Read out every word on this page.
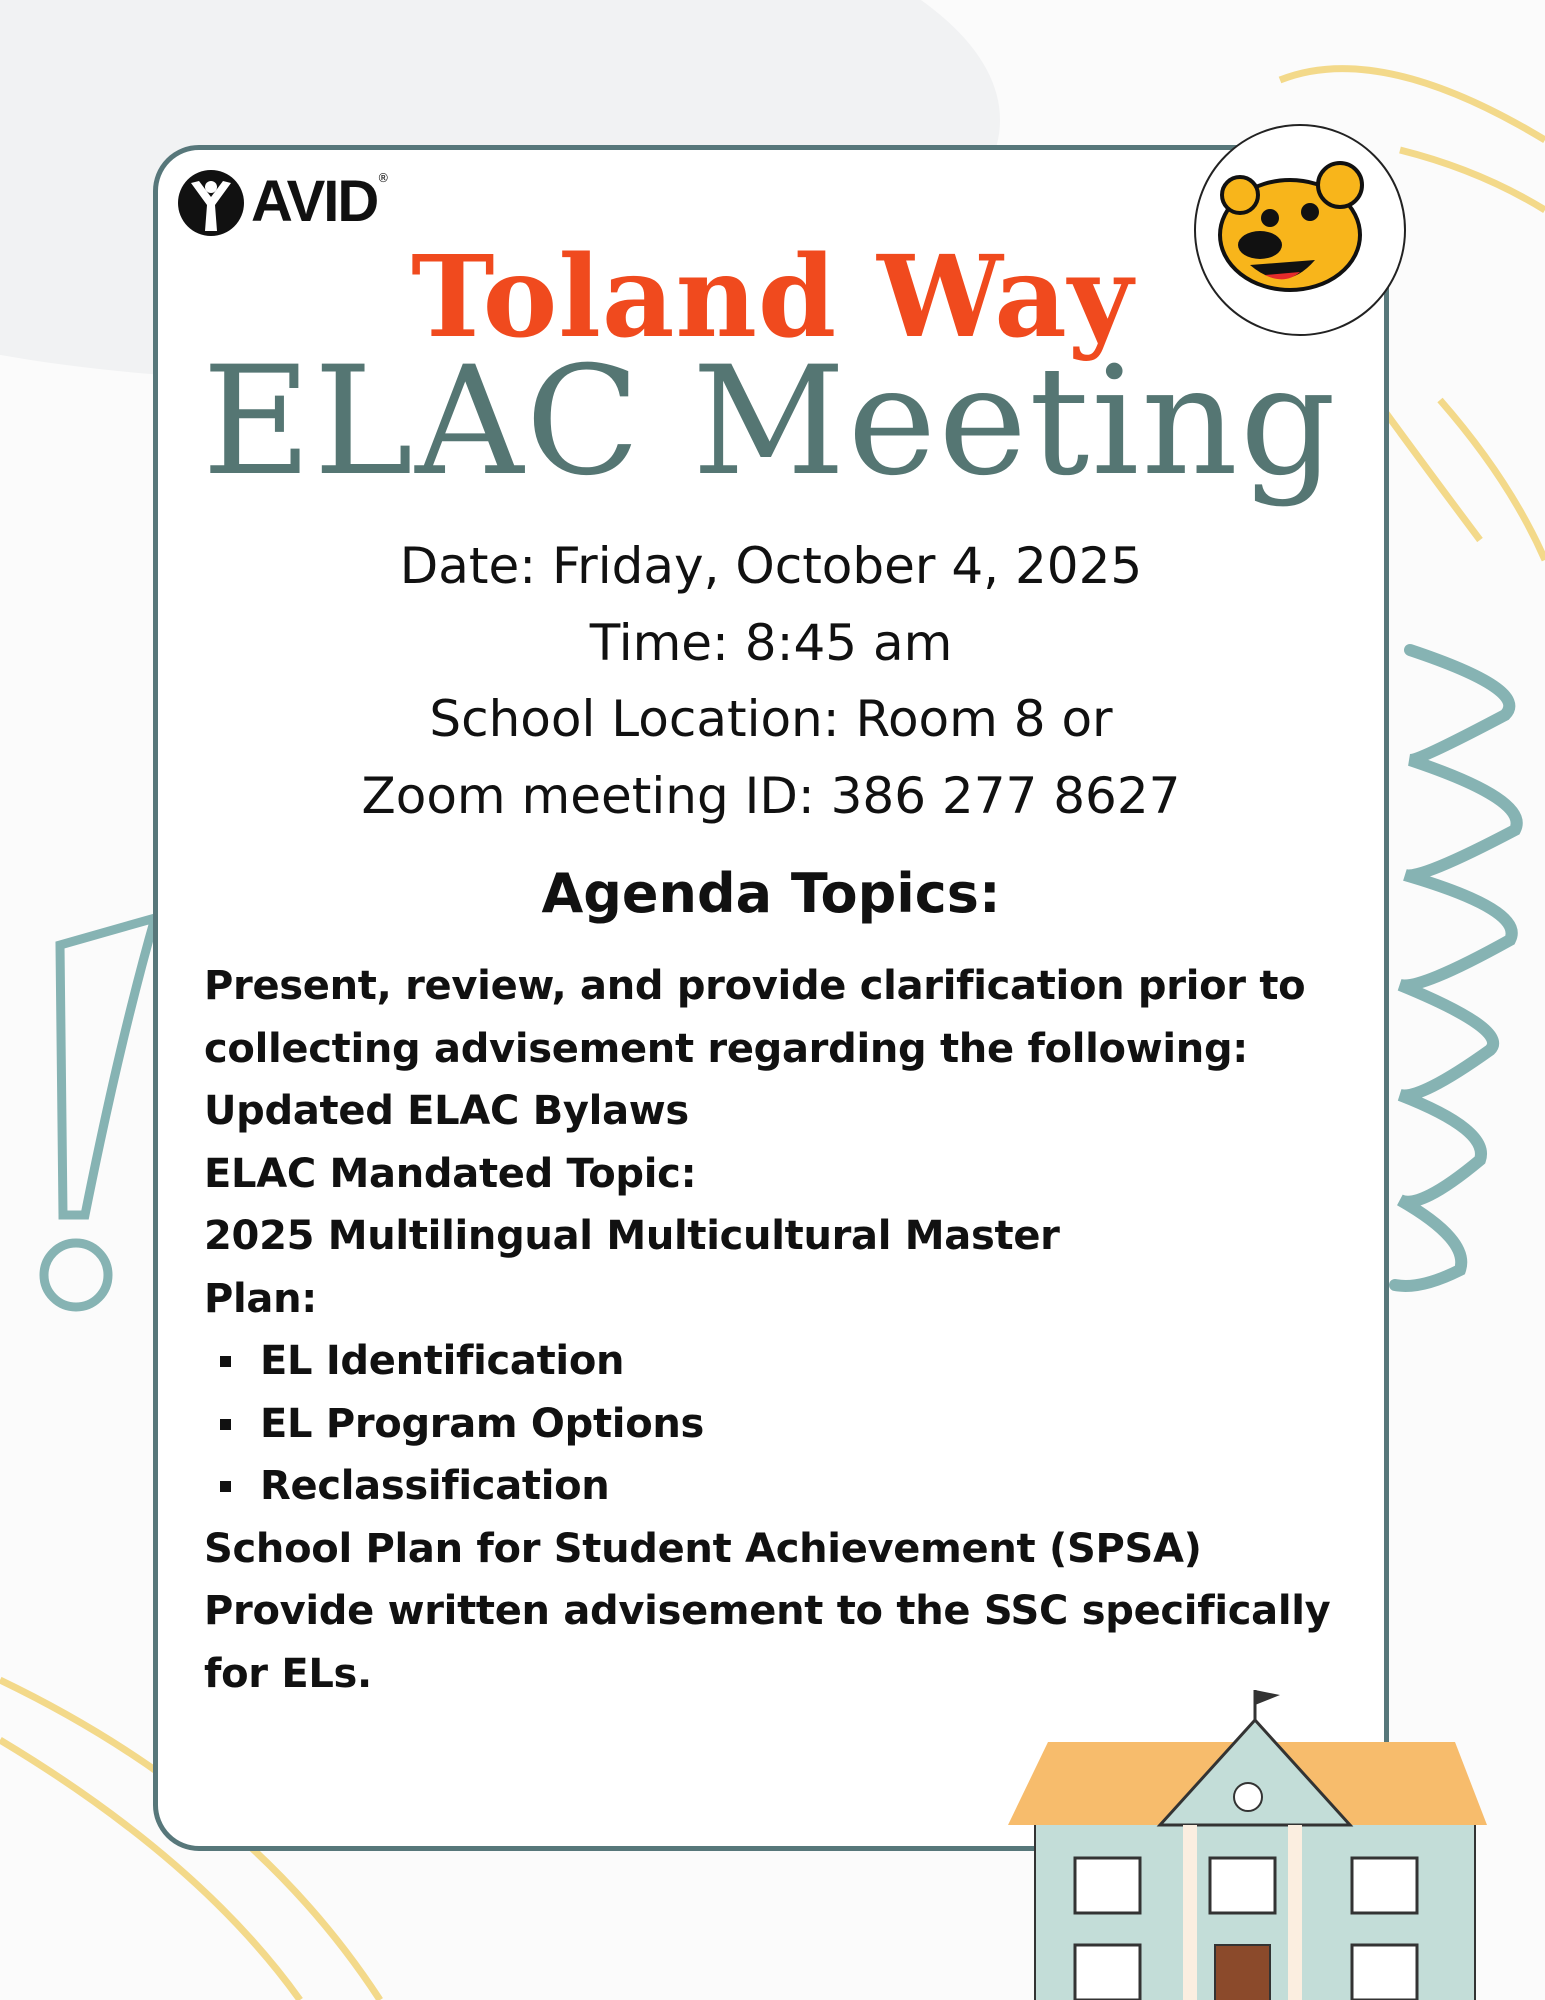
AVID ®
Toland Way
ELAC Meeting
Date: Friday, October 4, 2025
Time: 8:45 am
School Location: Room 8 or
Zoom meeting ID: 386 277 8627
Agenda Topics:
Present, review, and provide clarification prior to
collecting advisement regarding the following:
Updated ELAC Bylaws
ELAC Mandated Topic:
2025 Multilingual Multicultural Master
Plan:
EL Identification
EL Program Options
Reclassification
School Plan for Student Achievement (SPSA)
Provide written advisement to the SSC specifically
for ELs.
